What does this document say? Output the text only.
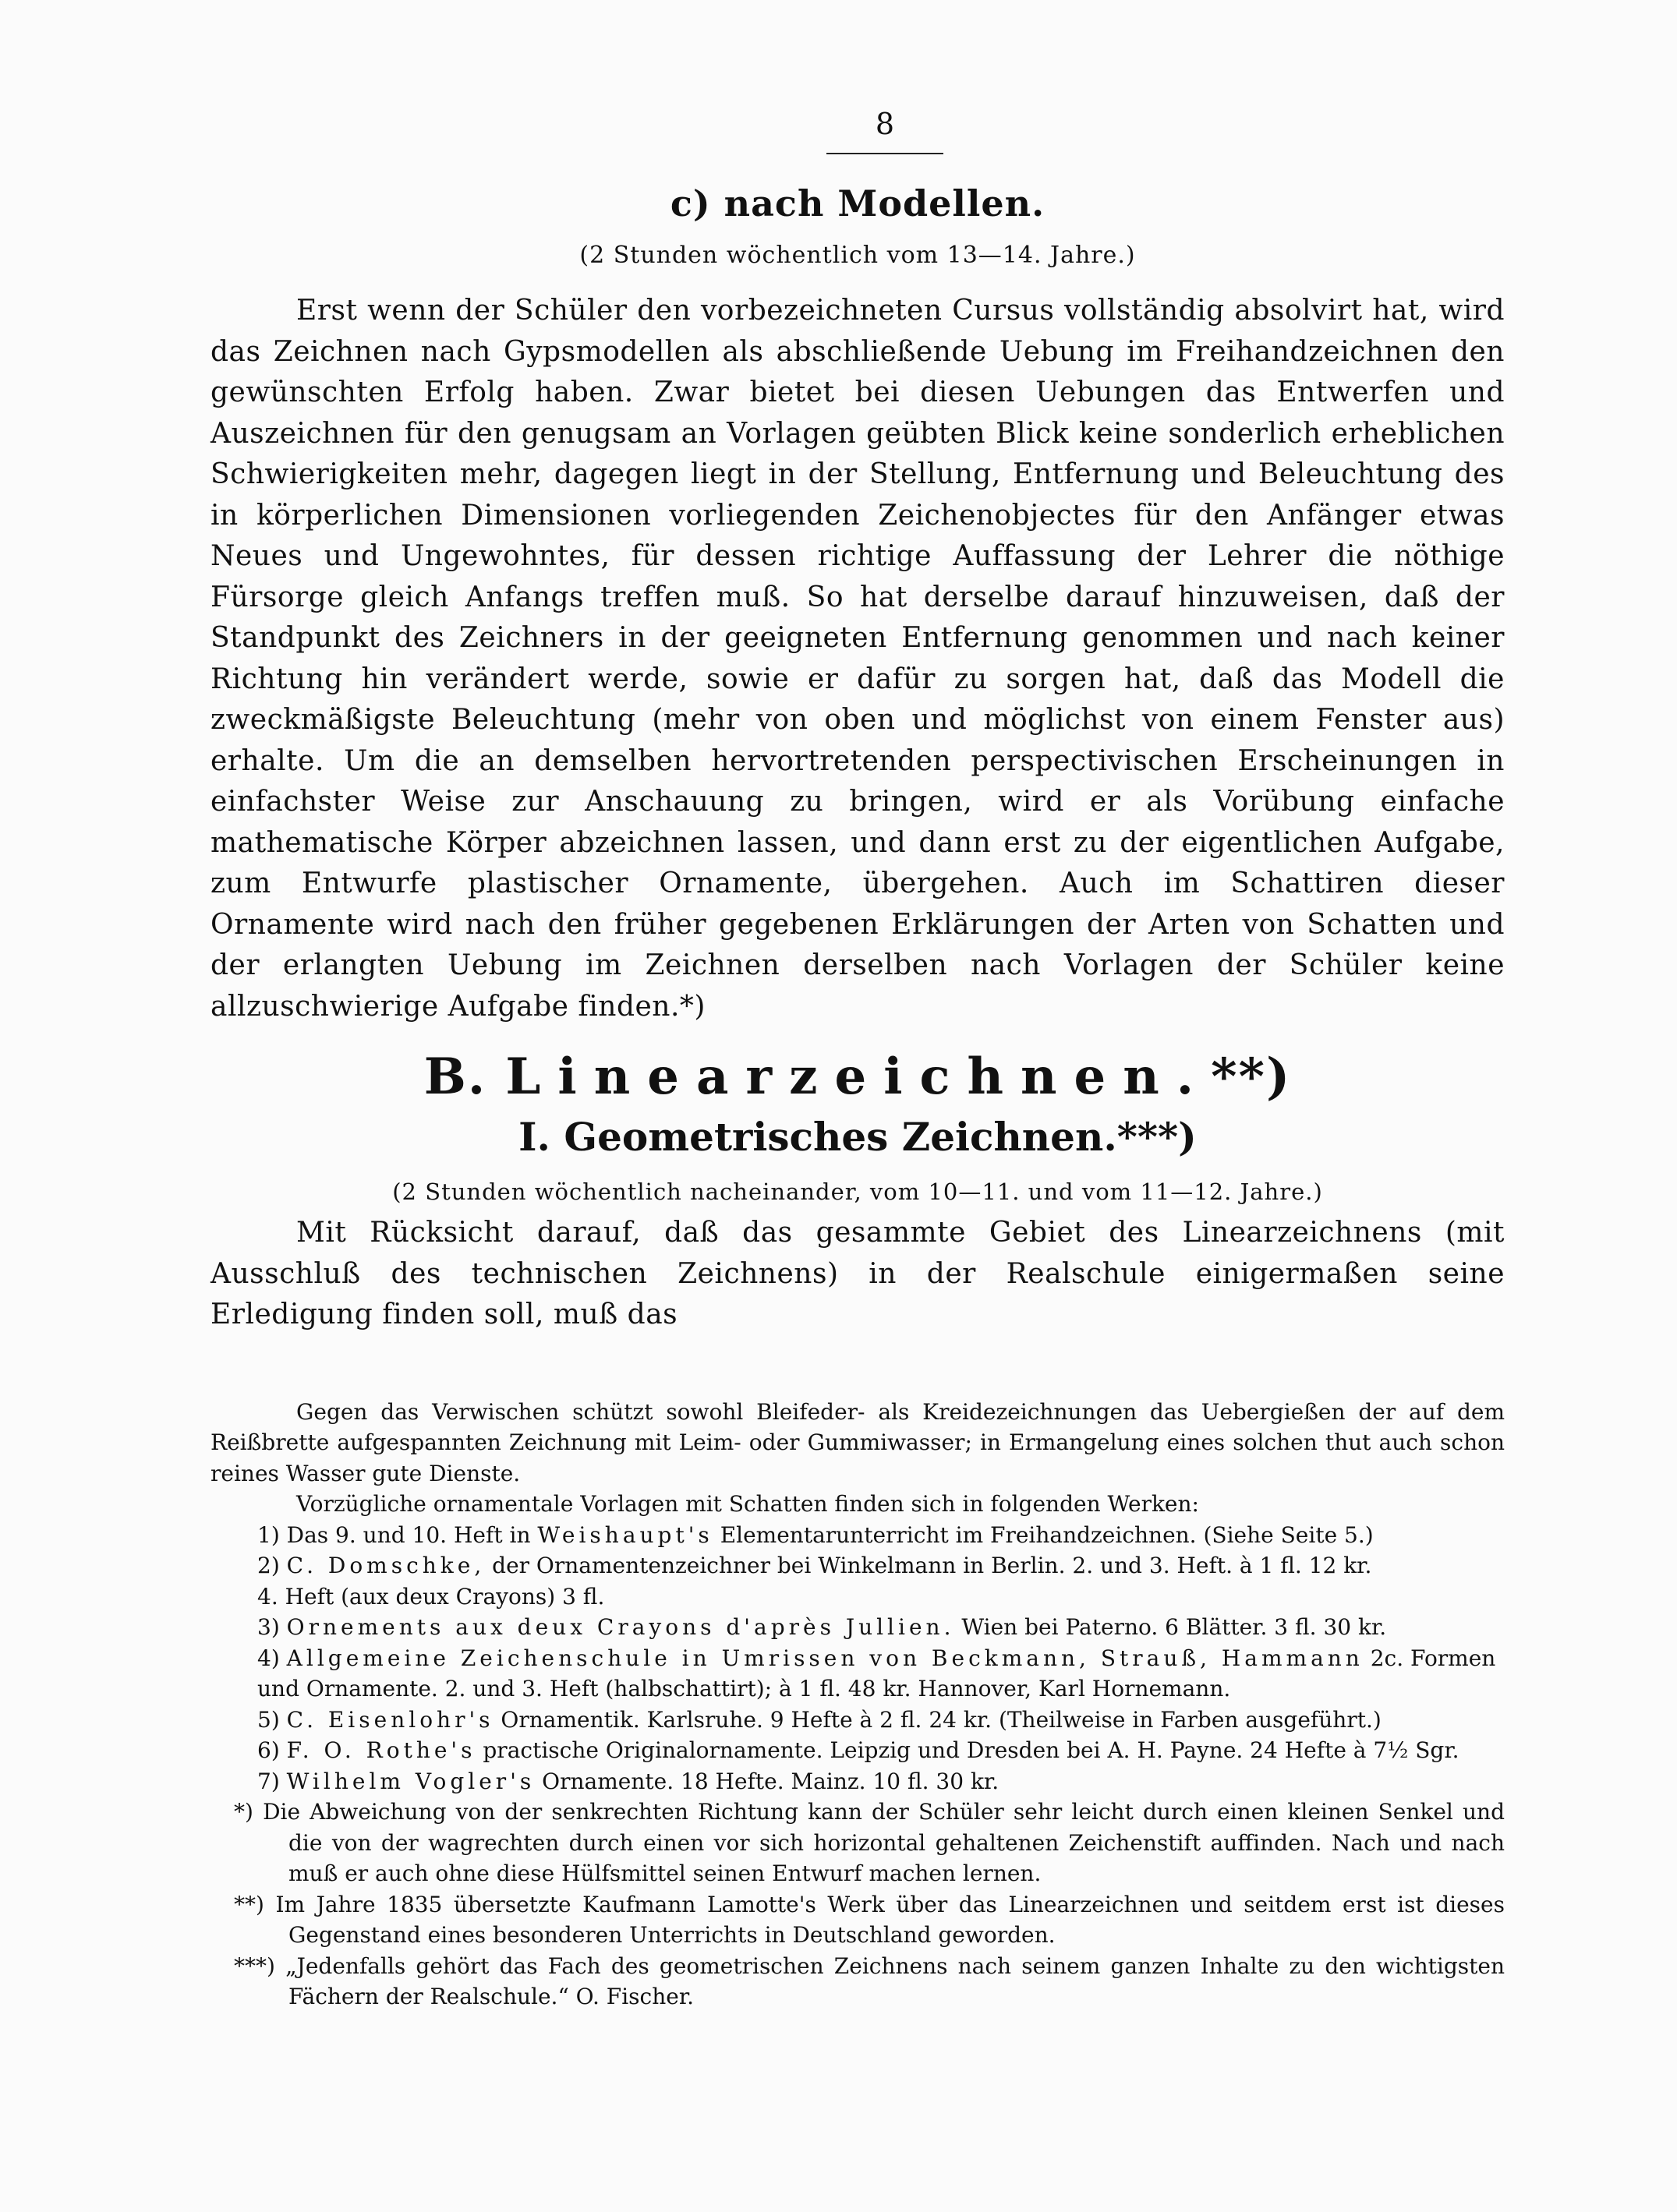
8
c) nach Modellen.
(2 Stunden wöchentlich vom 13—14. Jahre.)

Erst wenn der Schüler den vorbezeichneten Cursus vollständig absolvirt hat, wird das Zeichnen nach Gypsmodellen als abschließende Uebung im Freihandzeichnen den gewünschten Erfolg haben. Zwar bietet bei diesen Uebungen das Entwerfen und Auszeichnen für den genugsam an Vorlagen geübten Blick keine sonderlich erheblichen Schwierigkeiten mehr, dagegen liegt in der Stellung, Entfernung und Beleuchtung des in körperlichen Dimensionen vorliegenden Zeichenobjectes für den Anfänger etwas Neues und Ungewohntes, für dessen richtige Auffassung der Lehrer die nöthige Fürsorge gleich Anfangs treffen muß. So hat derselbe darauf hinzuweisen, daß der Standpunkt des Zeichners in der geeigneten Entfernung genommen und nach keiner Richtung hin verändert werde, sowie er dafür zu sorgen hat, daß das Modell die zweckmäßigste Beleuchtung (mehr von oben und möglichst von einem Fenster aus) erhalte. Um die an demselben hervortretenden perspectivischen Erscheinungen in einfachster Weise zur Anschauung zu bringen, wird er als Vorübung einfache mathematische Körper abzeichnen lassen, und dann erst zu der eigentlichen Aufgabe, zum Entwurfe plastischer Ornamente, übergehen. Auch im Schattiren dieser Ornamente wird nach den früher gegebenen Erklärungen der Arten von Schatten und der erlangten Uebung im Zeichnen derselben nach Vorlagen der Schüler keine allzuschwierige Aufgabe finden.*)

B. Linearzeichnen.**)
I. Geometrisches Zeichnen.***)
(2 Stunden wöchentlich nacheinander, vom 10—11. und vom 11—12. Jahre.)

Mit Rücksicht darauf, daß das gesammte Gebiet des Linearzeichnens (mit Ausschluß des technischen Zeichnens) in der Realschule einigermaßen seine Erledigung finden soll, muß das

Gegen das Verwischen schützt sowohl Bleifeder- als Kreidezeichnungen das Uebergießen der auf dem Reißbrette aufgespannten Zeichnung mit Leim- oder Gummiwasser; in Ermangelung eines solchen thut auch schon reines Wasser gute Dienste.

Vorzügliche ornamentale Vorlagen mit Schatten finden sich in folgenden Werken:

1) Das 9. und 10. Heft in Weishaupt's Elementarunterricht im Freihandzeichnen. (Siehe Seite 5.)

2) C. Domschke, der Ornamentenzeichner bei Winkelmann in Berlin. 2. und 3. Heft. à 1 fl. 12 kr.

4. Heft (aux deux Crayons) 3 fl.

3) Ornements aux deux Crayons d'après Jullien. Wien bei Paterno. 6 Blätter. 3 fl. 30 kr.

4) Allgemeine Zeichenschule in Umrissen von Beckmann, Strauß, Hammann 2c. Formen

und Ornamente. 2. und 3. Heft (halbschattirt); à 1 fl. 48 kr. Hannover, Karl Hornemann.

5) C. Eisenlohr's Ornamentik. Karlsruhe. 9 Hefte à 2 fl. 24 kr. (Theilweise in Farben ausgeführt.)

6) F. O. Rothe's practische Originalornamente. Leipzig und Dresden bei A. H. Payne. 24 Hefte à 7½ Sgr.

7) Wilhelm Vogler's Ornamente. 18 Hefte. Mainz. 10 fl. 30 kr.

*) Die Abweichung von der senkrechten Richtung kann der Schüler sehr leicht durch einen kleinen Senkel und die von der wagrechten durch einen vor sich horizontal gehaltenen Zeichenstift auffinden. Nach und nach muß er auch ohne diese Hülfsmittel seinen Entwurf machen lernen.

**) Im Jahre 1835 übersetzte Kaufmann Lamotte's Werk über das Linearzeichnen und seitdem erst ist dieses Gegenstand eines besonderen Unterrichts in Deutschland geworden.

***) „Jedenfalls gehört das Fach des geometrischen Zeichnens nach seinem ganzen Inhalte zu den wichtigsten Fächern der Realschule.“ O. Fischer.
